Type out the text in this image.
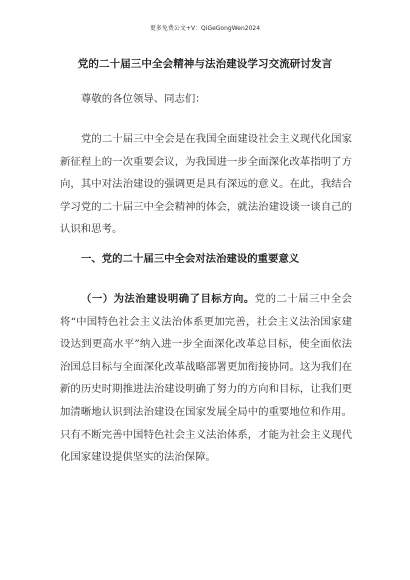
更多免费公文+V：QiGeGongWen2024
党的二十届三中全会精神与法治建设学习交流研讨发言

尊敬的各位领导、同志们：

党的二十届三中全会是在我国全面建设社会主义现代化国家新征程上的一次重要会议，为我国进一步全面深化改革指明了方向，其中对法治建设的强调更是具有深远的意义。在此，我结合学习党的二十届三中全会精神的体会，就法治建设谈一谈自己的认识和思考。

一、党的二十届三中全会对法治建设的重要意义

（一）为法治建设明确了目标方向。党的二十届三中全会将“中国特色社会主义法治体系更加完善，社会主义法治国家建设达到更高水平”纳入进一步全面深化改革总目标，使全面依法治国总目标与全面深化改革战略部署更加衔接协同。这为我们在新的历史时期推进法治建设明确了努力的方向和目标，让我们更加清晰地认识到法治建设在国家发展全局中的重要地位和作用。只有不断完善中国特色社会主义法治体系，才能为社会主义现代化国家建设提供坚实的法治保障。
